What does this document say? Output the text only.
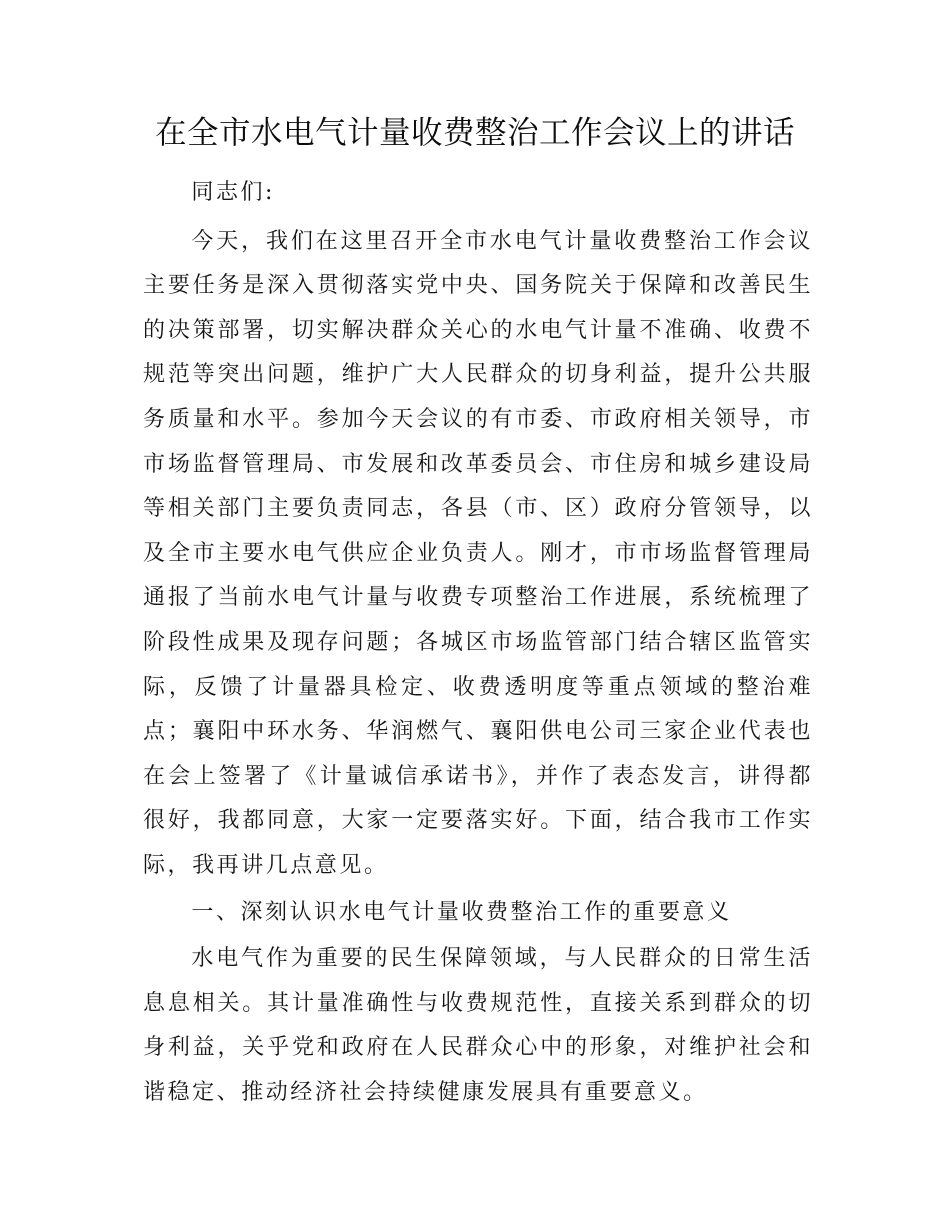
在全市水电气计量收费整治工作会议上的讲话

同志们:

今天，我们在这里召开全市水电气计量收费整治工作会议主要任务是深入贯彻落实党中央、国务院关于保障和改善民生的决策部署，切实解决群众关心的水电气计量不准确、收费不规范等突出问题，维护广大人民群众的切身利益，提升公共服务质量和水平。参加今天会议的有市委、市政府相关领导，市市场监督管理局、市发展和改革委员会、市住房和城乡建设局等相关部门主要负责同志，各县（市、区）政府分管领导，以及全市主要水电气供应企业负责人。刚才，市市场监督管理局通报了当前水电气计量与收费专项整治工作进展，系统梳理了阶段性成果及现存问题；各城区市场监管部门结合辖区监管实际，反馈了计量器具检定、收费透明度等重点领域的整治难点；襄阳中环水务、华润燃气、襄阳供电公司三家企业代表也在会上签署了《计量诚信承诺书》，并作了表态发言，讲得都很好，我都同意，大家一定要落实好。下面，结合我市工作实际，我再讲几点意见。

一、深刻认识水电气计量收费整治工作的重要意义

水电气作为重要的民生保障领域，与人民群众的日常生活息息相关。其计量准确性与收费规范性，直接关系到群众的切身利益，关乎党和政府在人民群众心中的形象，对维护社会和谐稳定、推动经济社会持续健康发展具有重要意义。
